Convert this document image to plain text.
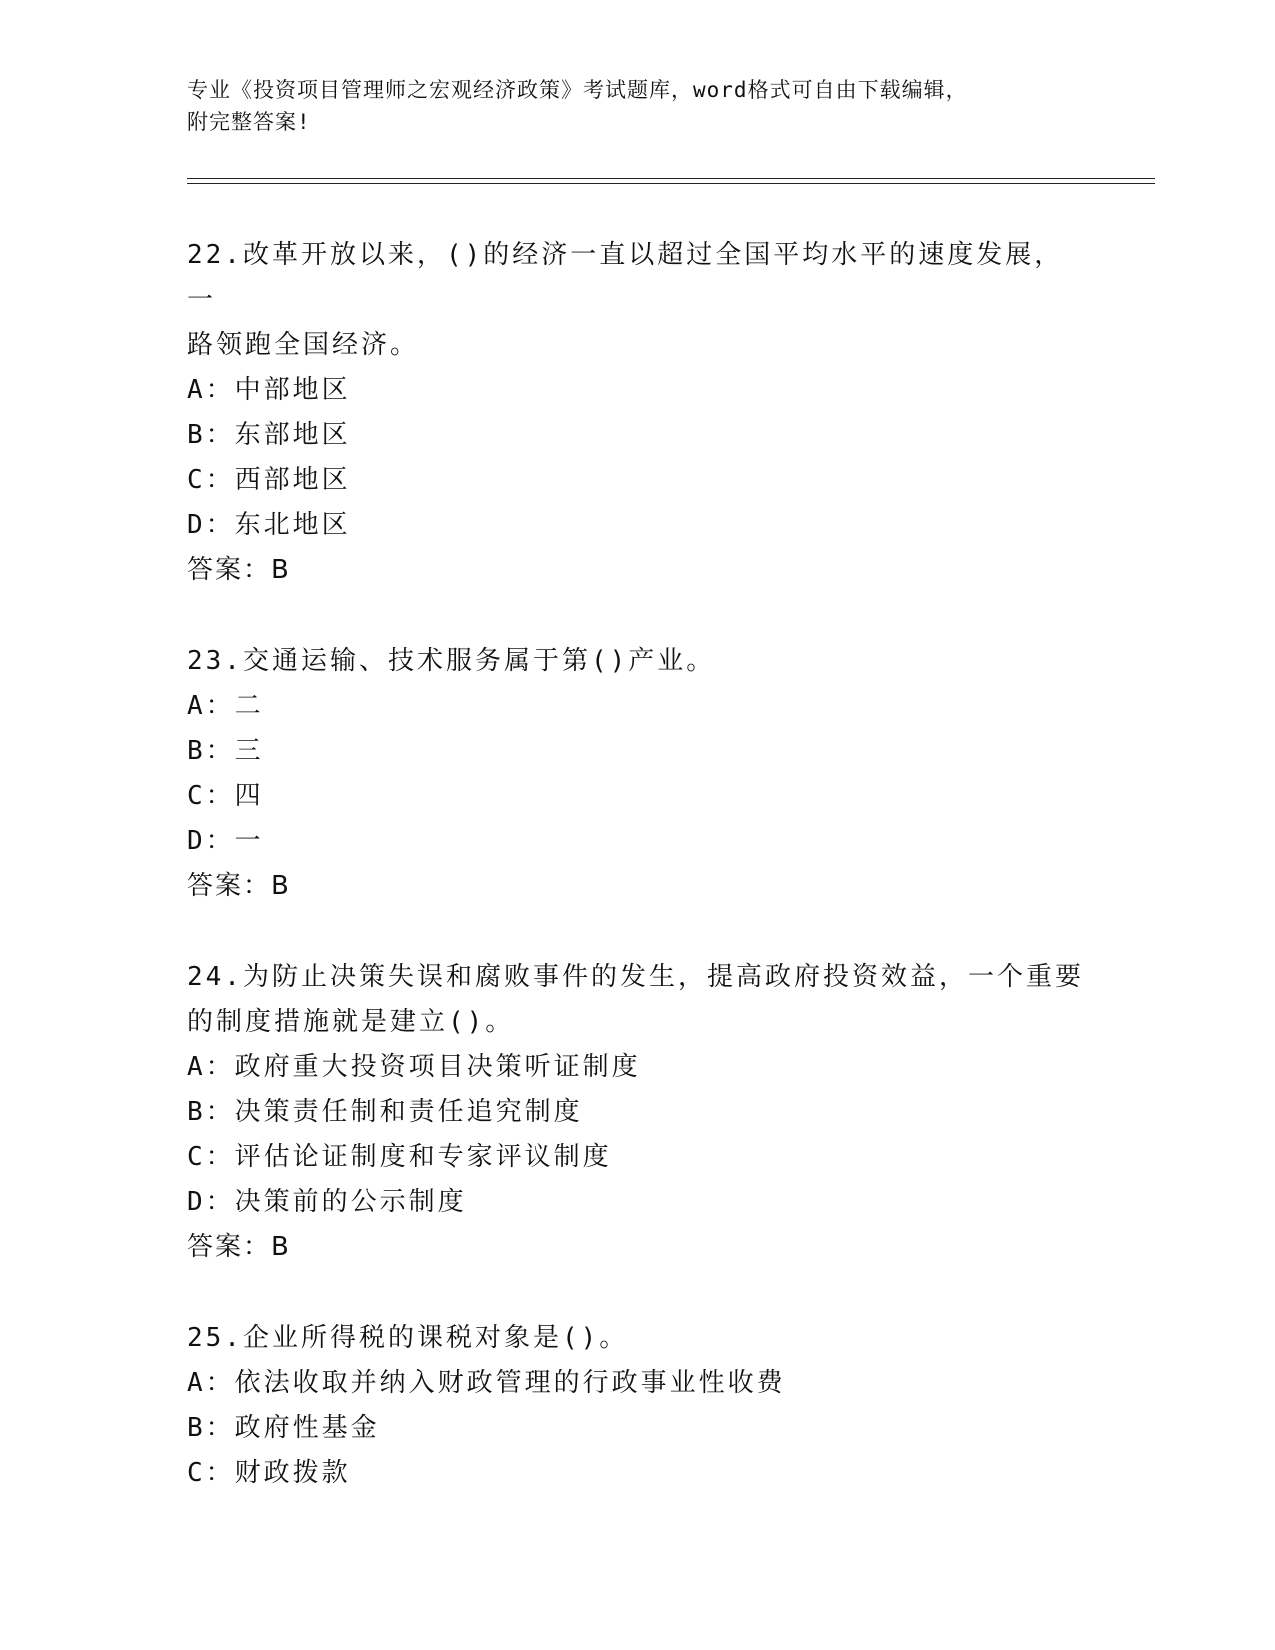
专业《投资项目管理师之宏观经济政策》考试题库，word格式可自由下载编辑，
附完整答案!

22.改革开放以来，()的经济一直以超过全国平均水平的速度发展，一
路领跑全国经济。

A：中部地区

B：东部地区

C：西部地区

D：东北地区

答案：B

23.交通运输、技术服务属于第()产业。

A：二

B：三

C：四

D：一

答案：B

24.为防止决策失误和腐败事件的发生，提高政府投资效益，一个重要
的制度措施就是建立()。

A：政府重大投资项目决策听证制度

B：决策责任制和责任追究制度

C：评估论证制度和专家评议制度

D：决策前的公示制度

答案：B

25.企业所得税的课税对象是()。

A：依法收取并纳入财政管理的行政事业性收费

B：政府性基金

C：财政拨款
